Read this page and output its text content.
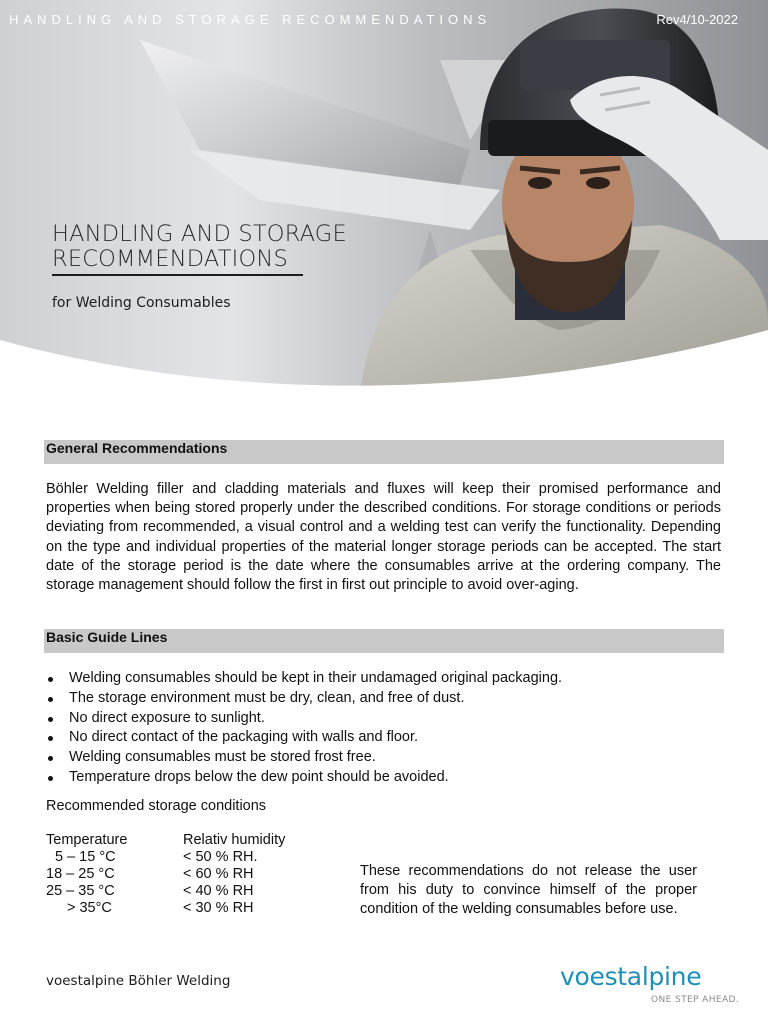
HANDLING AND STORAGE RECOMMENDATIONS	Rev4/10-2022
HANDLING AND STORAGE
RECOMMENDATIONS
for Welding Consumables
General Recommendations
Böhler Welding filler and cladding materials and fluxes will keep their promised performance and properties when being stored properly under the described conditions. For storage conditions or periods deviating from recommended, a visual control and a welding test can verify the functionality. Depending on the type and individual properties of the material longer storage periods can be accepted. The start date of the storage period is the date where the consumables arrive at the ordering company. The storage management should follow the first in first out principle to avoid over-aging.
Basic Guide Lines
Welding consumables should be kept in their undamaged original packaging.
The storage environment must be dry, clean, and free of dust.
No direct exposure to sunlight.
No direct contact of the packaging with walls and floor.
Welding consumables must be stored frost free.
Temperature drops below the dew point should be avoided.
Recommended storage conditions
Temperature	Relativ humidity
5 – 15 °C	< 50 % RH.
18 – 25 °C	< 60 % RH
25 – 35 °C	< 40 % RH
> 35°C	< 30 % RH
These recommendations do not release the user from his duty to convince himself of the proper condition of the welding consumables before use.
voestalpine Böhler Welding	voestalpine
ONE STEP AHEAD.
